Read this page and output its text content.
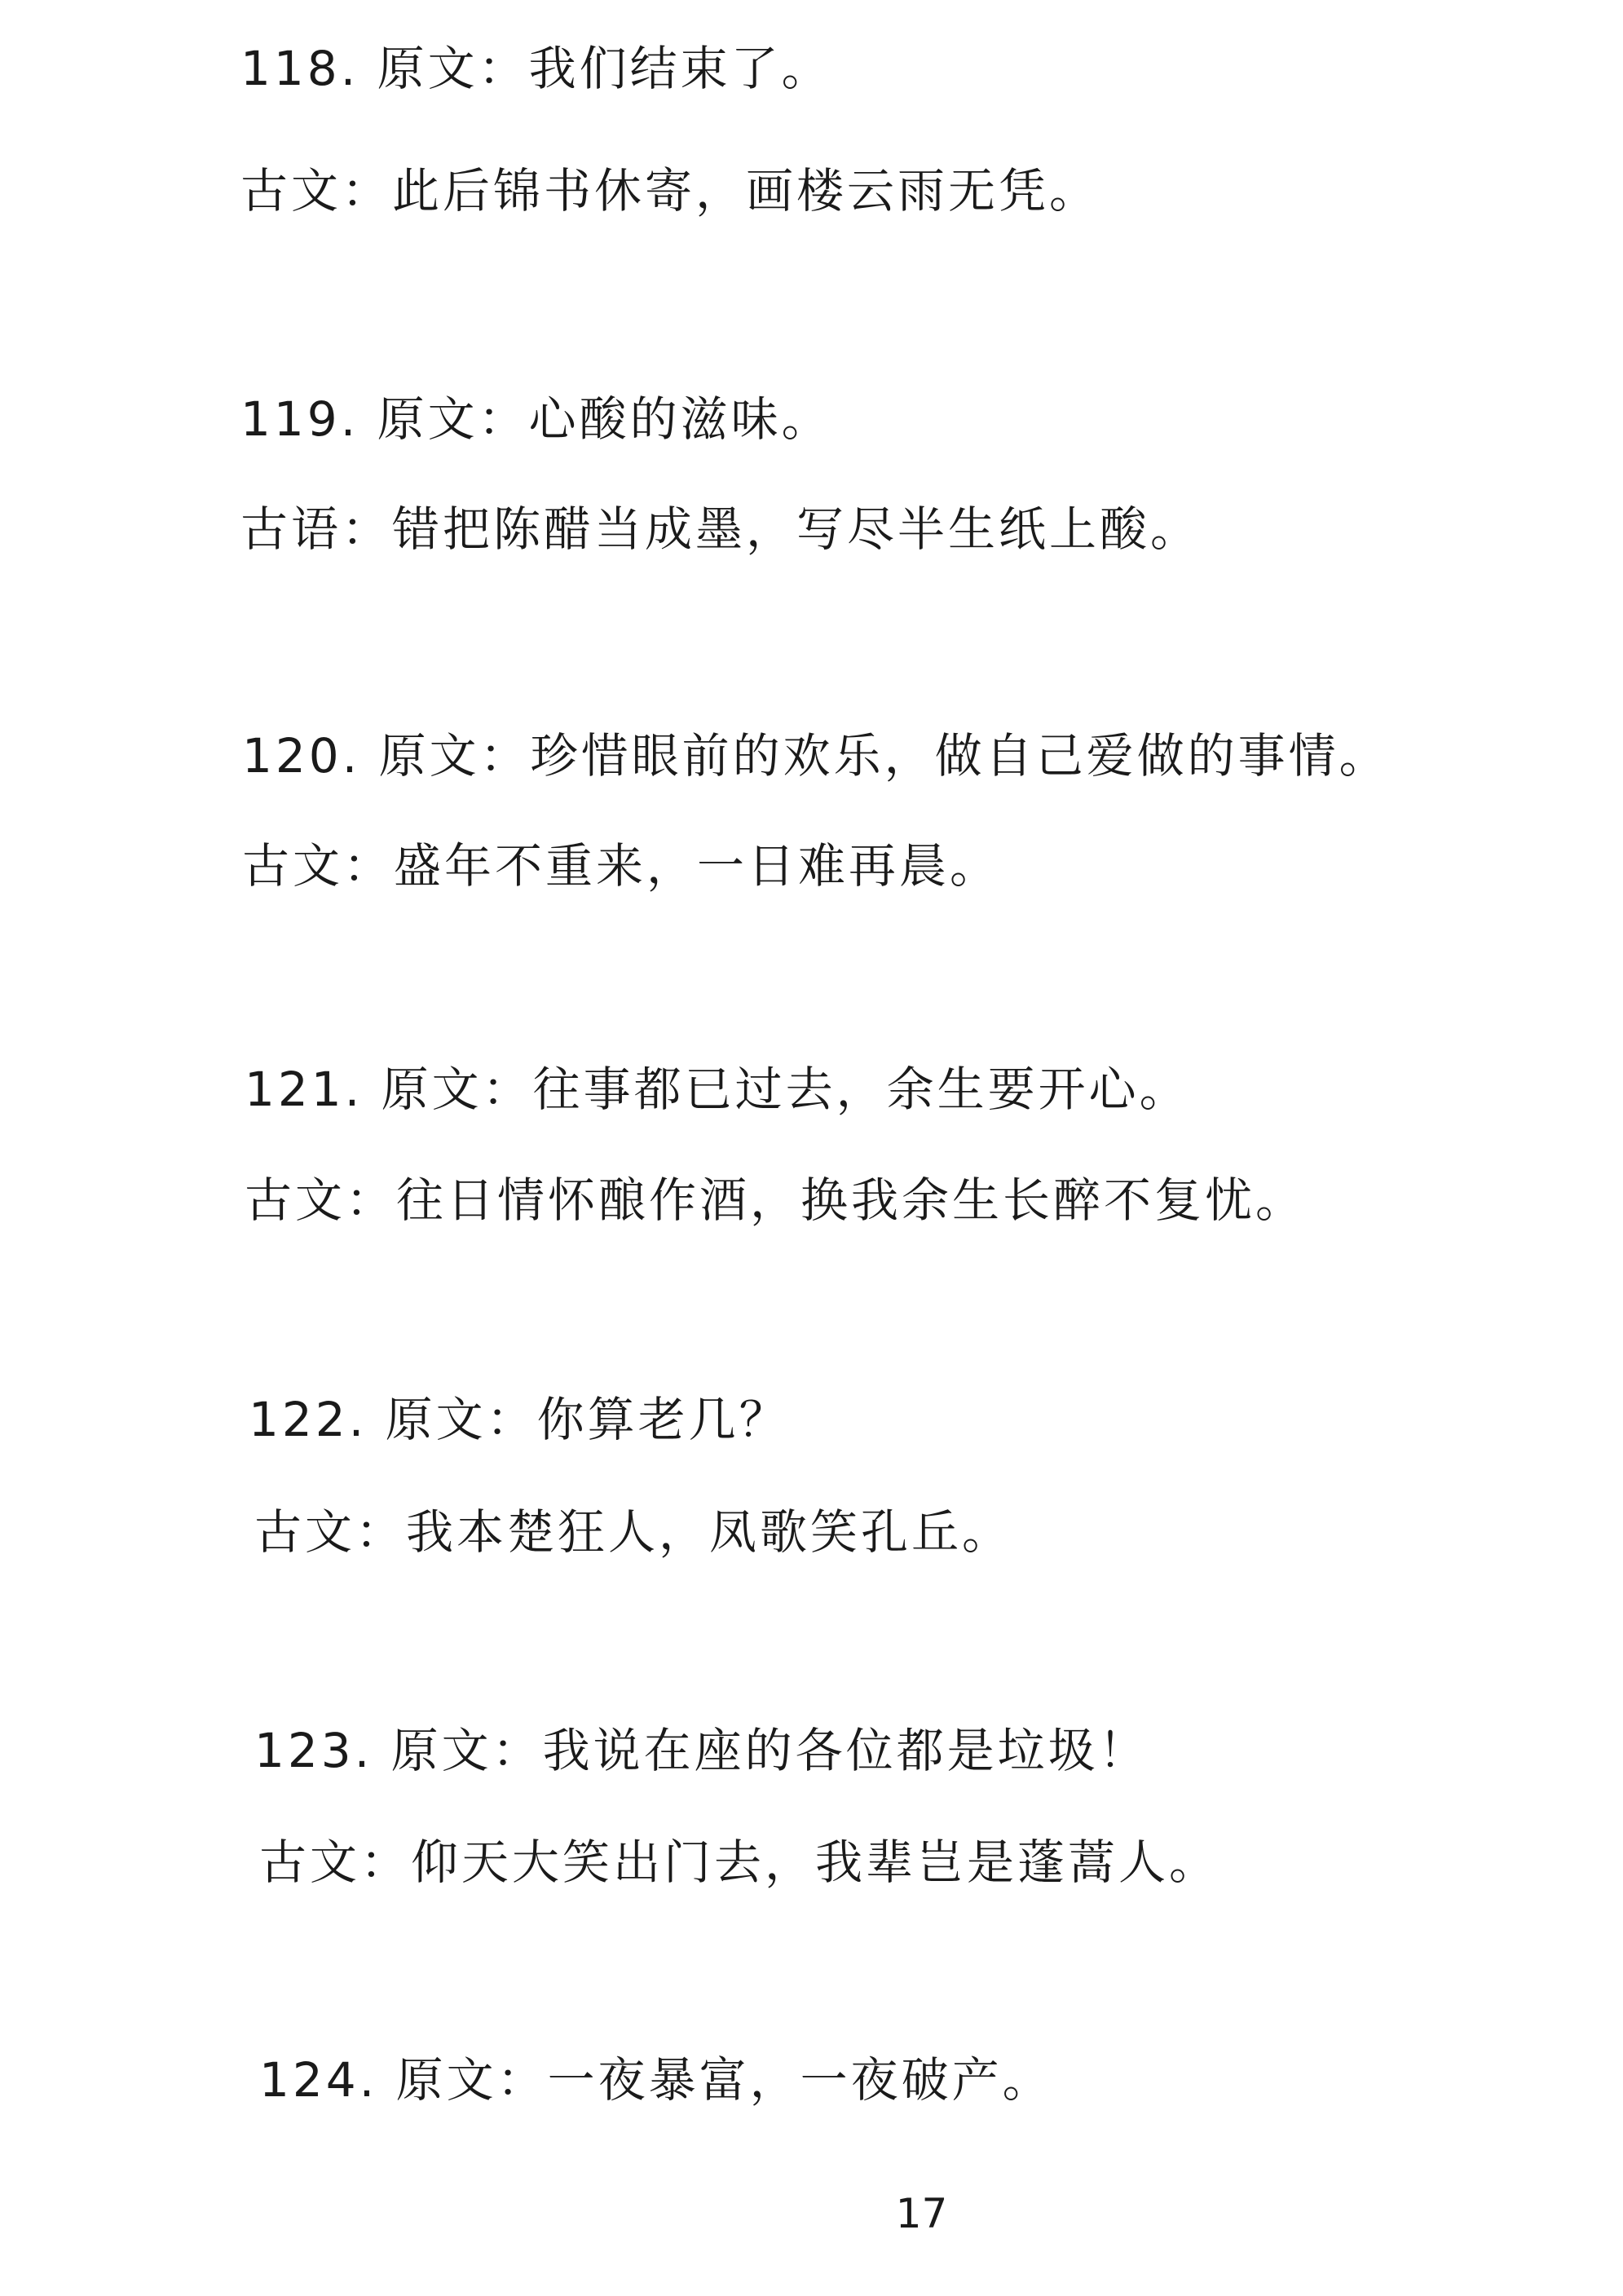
118. 原文：我们结束了。
古文：此后锦书休寄，画楼云雨无凭。
119. 原文：心酸的滋味。
古语：错把陈醋当成墨，写尽半生纸上酸。
120. 原文：珍惜眼前的欢乐，做自己爱做的事情。
古文：盛年不重来，一日难再晨。
121. 原文：往事都已过去，余生要开心。
古文：往日情怀酿作酒，换我余生长醉不复忧。
122. 原文：你算老几？
古文：我本楚狂人，凤歌笑孔丘。
123. 原文：我说在座的各位都是垃圾！
古文：仰天大笑出门去，我辈岂是蓬蒿人。
124. 原文：一夜暴富，一夜破产。
17
